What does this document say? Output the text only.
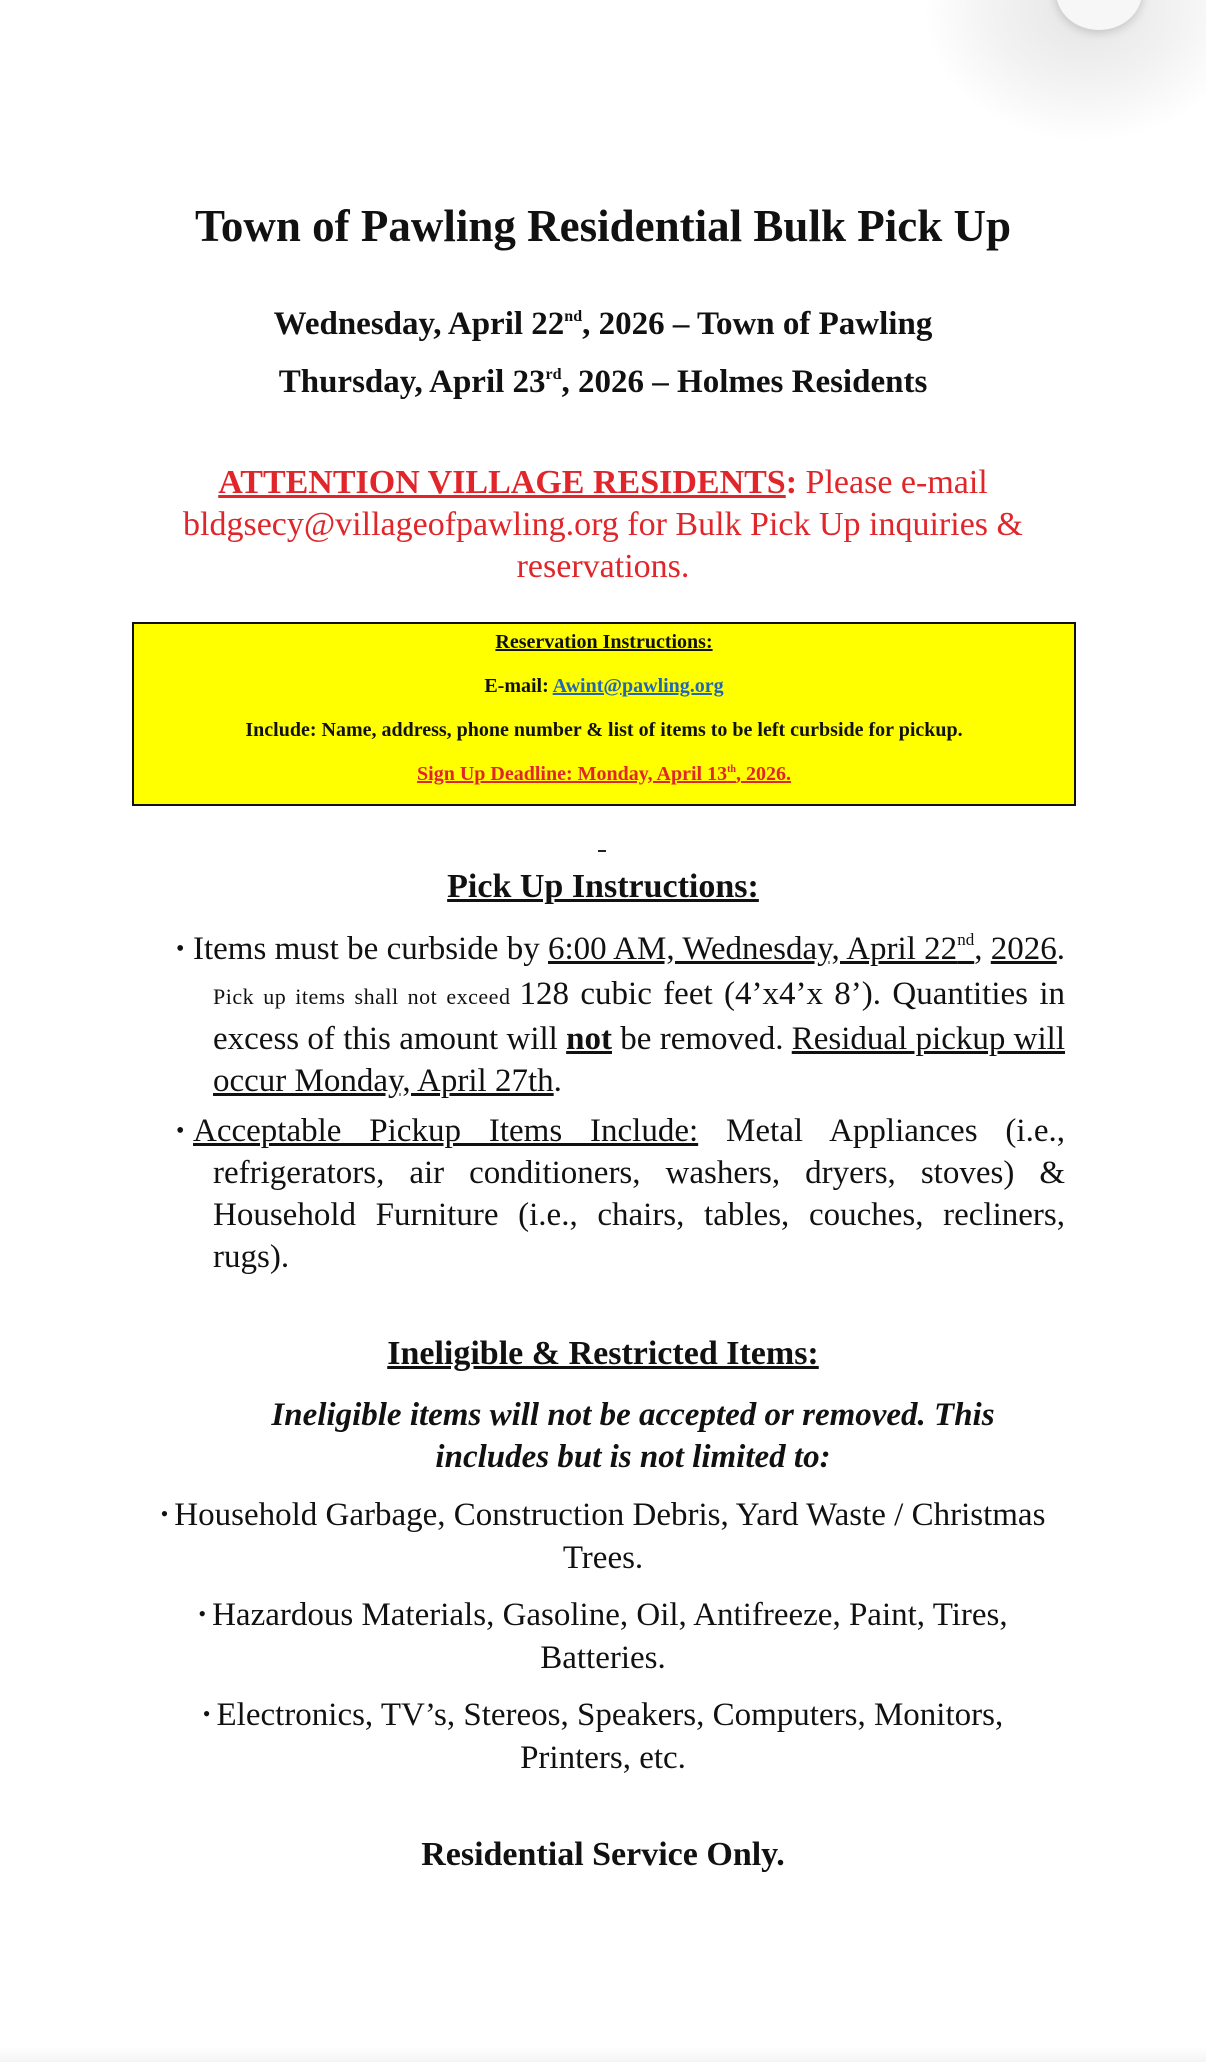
Town of Pawling Residential Bulk Pick Up
Wednesday, April 22nd, 2026 – Town of Pawling
Thursday, April 23rd, 2026 – Holmes Residents
ATTENTION VILLAGE RESIDENTS: Please e-mail bldgsecy@villageofpawling.org for Bulk Pick Up inquiries & reservations.
Reservation Instructions:
E-mail: Awint@pawling.org
Include: Name, address, phone number & list of items to be left curbside for pickup.
Sign Up Deadline: Monday, April 13th, 2026.
Pick Up Instructions:
• Items must be curbside by 6:00 AM, Wednesday, April 22nd, 2026. Pick up items shall not exceed 128 cubic feet (4’x4’x 8’). Quantities in excess of this amount will not be removed. Residual pickup will occur Monday, April 27th.
• Acceptable Pickup Items Include: Metal Appliances (i.e., refrigerators, air conditioners, washers, dryers, stoves) & Household Furniture (i.e., chairs, tables, couches, recliners, rugs).
Ineligible & Restricted Items:
Ineligible items will not be accepted or removed. This includes but is not limited to:
• Household Garbage, Construction Debris, Yard Waste / Christmas Trees.
• Hazardous Materials, Gasoline, Oil, Antifreeze, Paint, Tires, Batteries.
• Electronics, TV’s, Stereos, Speakers, Computers, Monitors, Printers, etc.
Residential Service Only.
